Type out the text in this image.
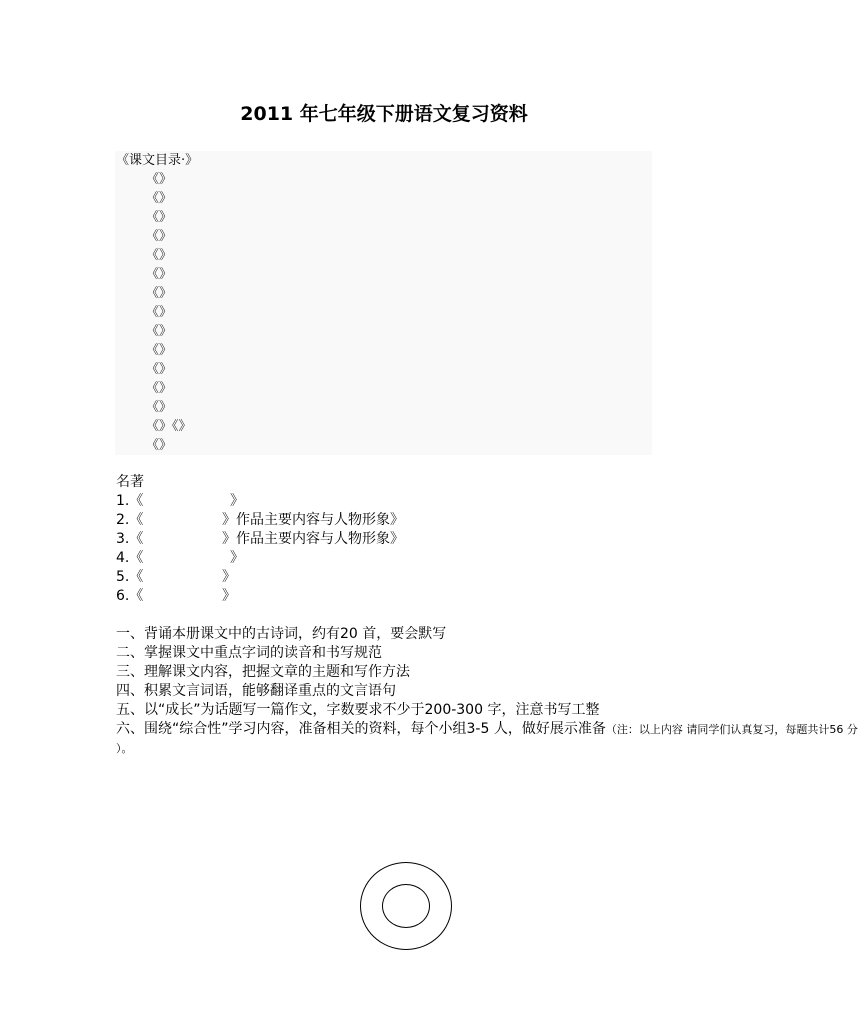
2011 年七年级下册语文复习资料
《课文目录·》
《》
《》
《》
《》
《》
《》
《》
《》
《》
《》
《》
《》
《》
《》《》
《》
名著
1.《	》
2.《	》作品主要内容与人物形象》
3.《	》作品主要内容与人物形象》
4.《	》
5.《	》
6.《	》
一、背诵本册课文中的古诗词，约有20 首，要会默写
二、掌握课文中重点字词的读音和书写规范
三、理解课文内容，把握文章的主题和写作方法
四、积累文言词语，能够翻译重点的文言语句
五、以“成长”为话题写一篇作文，字数要求不少于200-300 字，注意书写工整
六、围绕“综合性”学习内容，准备相关的资料，每个小组3-5 人，做好展示准备（注：以上内容 请同学们认真复习，每题共计56 分
）。
